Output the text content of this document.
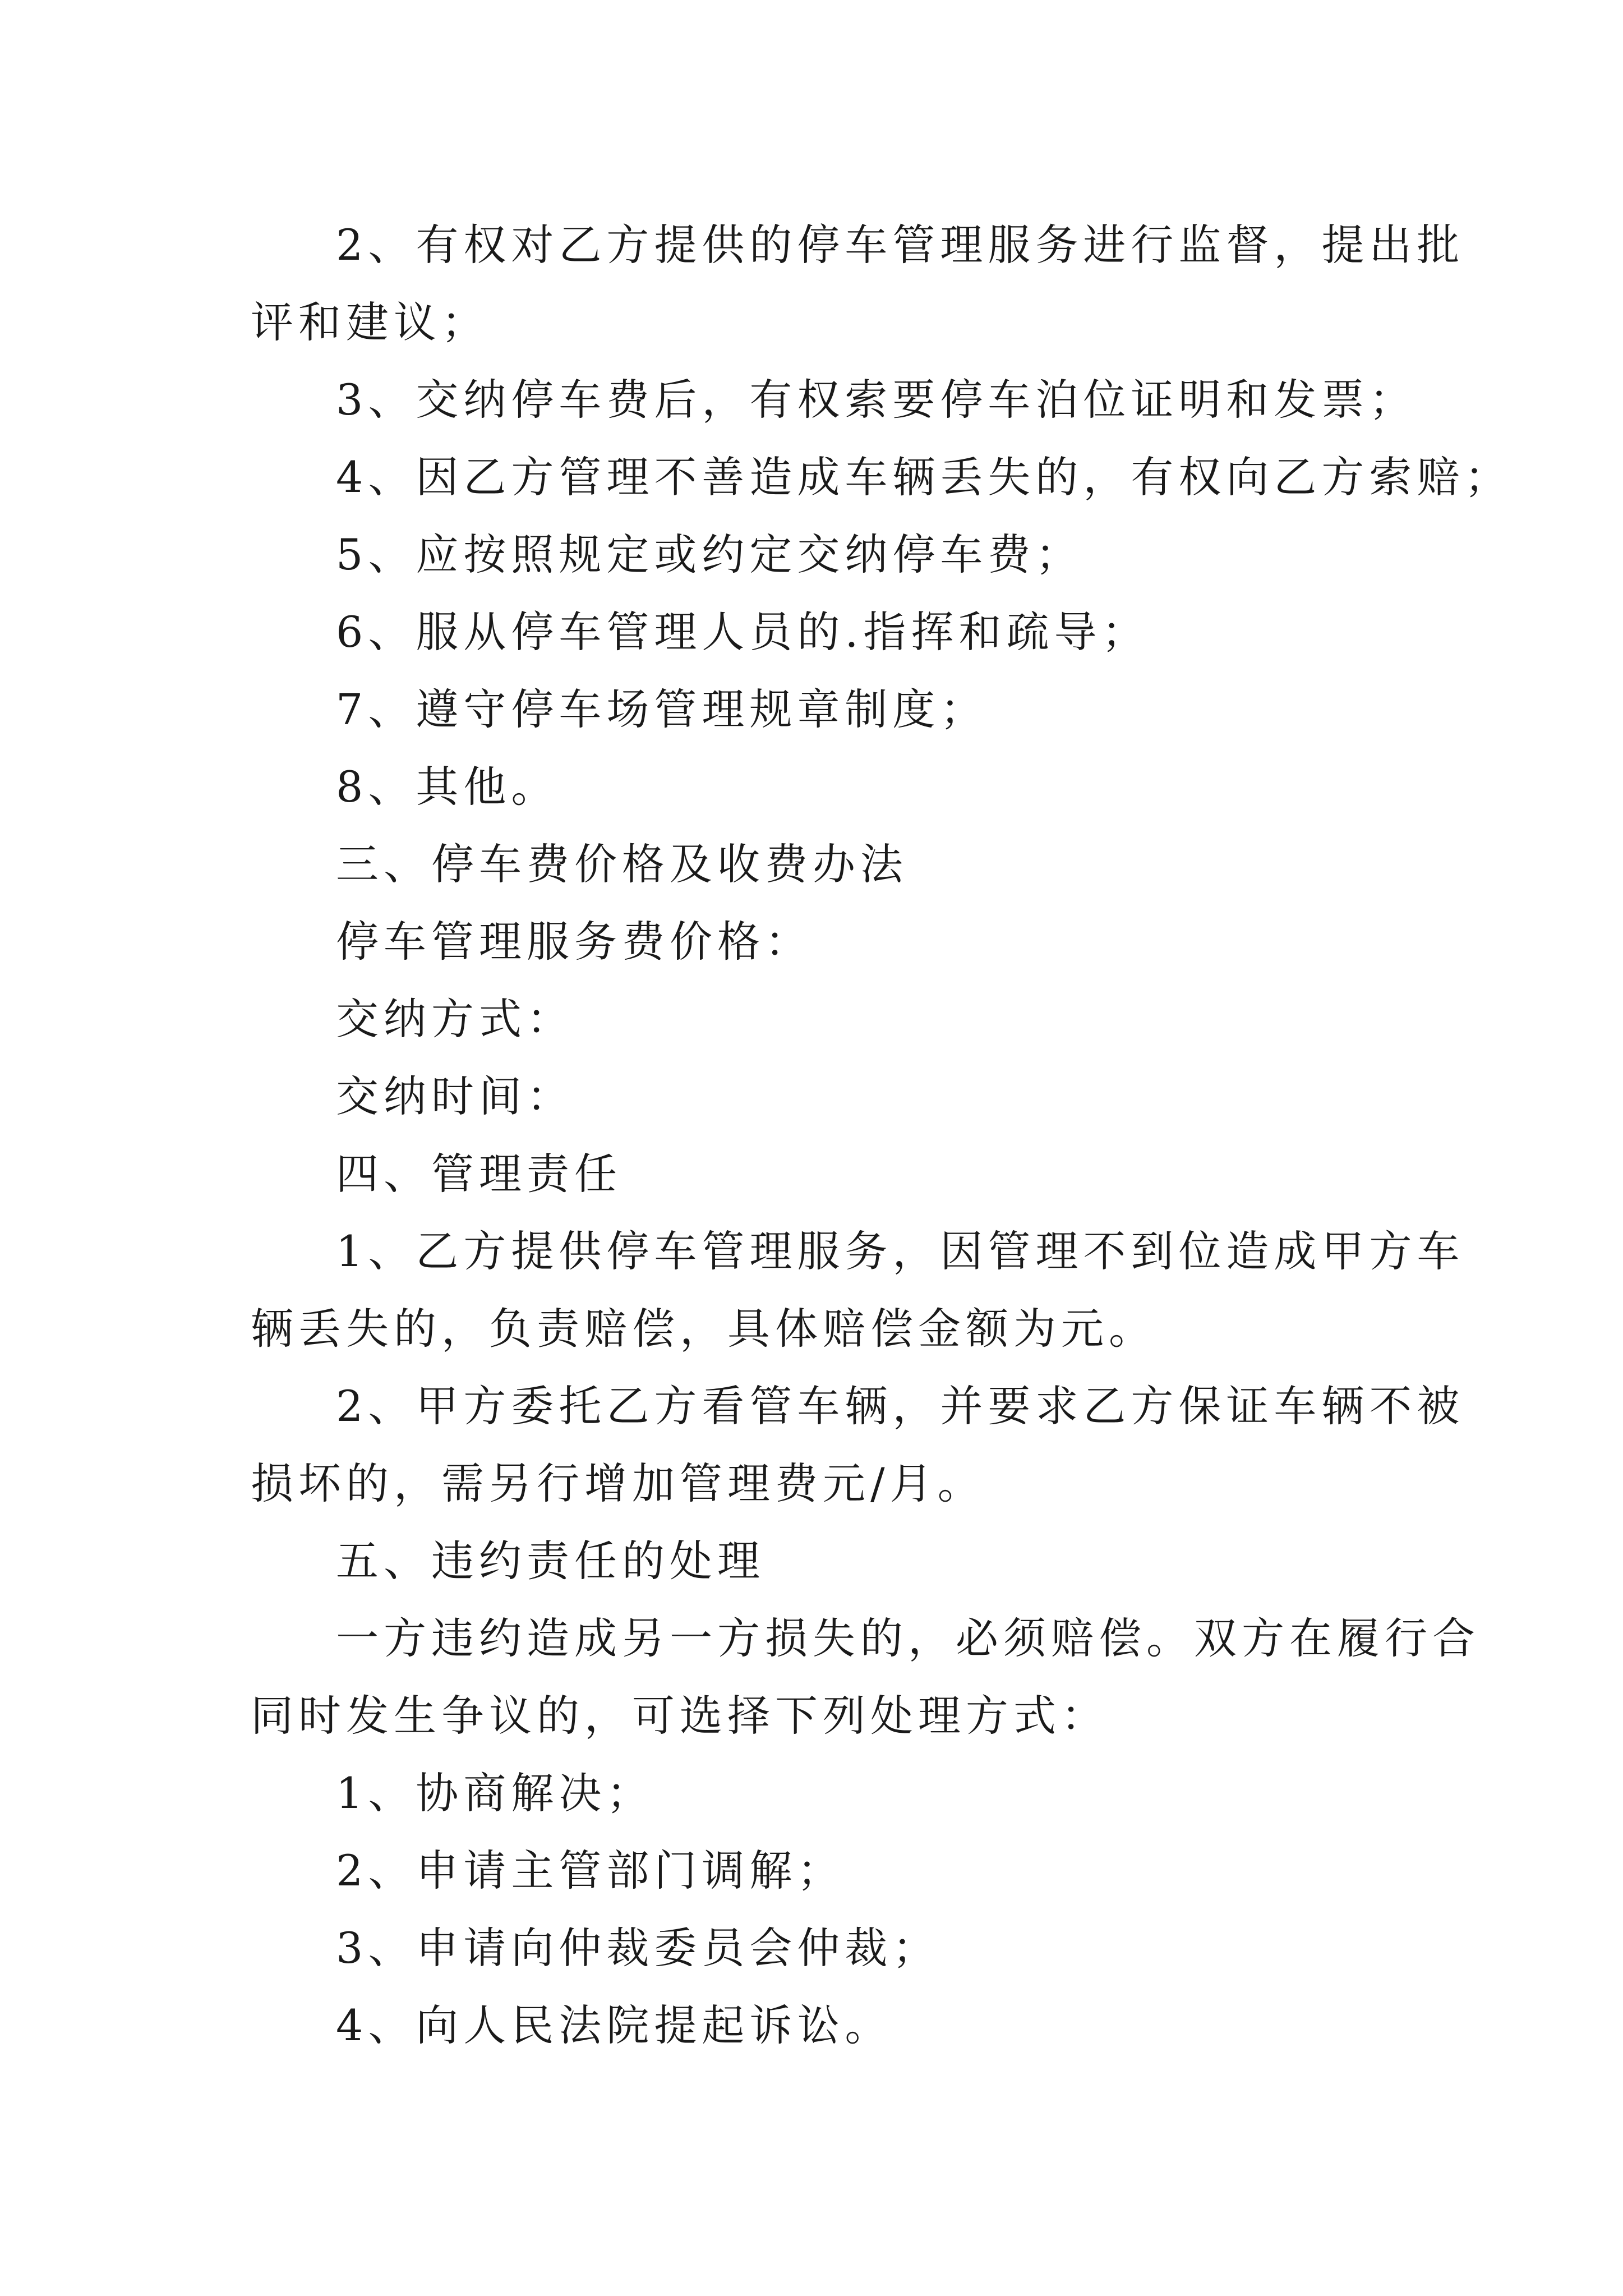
2、有权对乙方提供的停车管理服务进行监督，提出批

评和建议；

3、交纳停车费后，有权索要停车泊位证明和发票；

4、因乙方管理不善造成车辆丢失的，有权向乙方索赔；

5、应按照规定或约定交纳停车费；

6、服从停车管理人员的.指挥和疏导；

7、遵守停车场管理规章制度；

8、其他。

三、停车费价格及收费办法

停车管理服务费价格：

交纳方式：

交纳时间：

四、管理责任

1、乙方提供停车管理服务，因管理不到位造成甲方车

辆丢失的，负责赔偿，具体赔偿金额为元。

2、甲方委托乙方看管车辆，并要求乙方保证车辆不被

损坏的，需另行增加管理费元/月。

五、违约责任的处理

一方违约造成另一方损失的，必须赔偿。双方在履行合

同时发生争议的，可选择下列处理方式：

1、协商解决；

2、申请主管部门调解；

3、申请向仲裁委员会仲裁；

4、向人民法院提起诉讼。
